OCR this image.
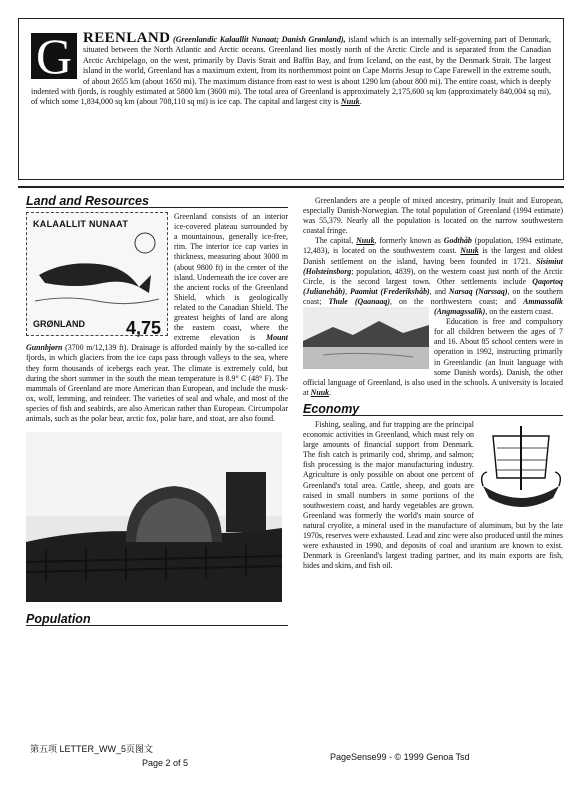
G REENLAND (Greenlandic Kalaallit Nunaat; Danish Grønland), island which is an internally self-governing part of Denmark, situated between the North Atlantic and Arctic oceans. Greenland lies mostly north of the Arctic Circle and is separated from the Canadian Arctic Archipelago, on the west, primarily by Davis Strait and Baffin Bay, and from Iceland, on the east, by the Denmark Strait. The largest island in the world, Greenland has a maximum extent, from its northernmost point on Cape Morris Jesup to Cape Farewell in the extreme south, of about 2655 km (about 1650 mi). The maximum distance from east to west is about 1290 km (about 800 mi). The entire coast, which is deeply indented with fjords, is roughly estimated at 5800 km (3600 mi). The total area of Greenland is approximately 2,175,600 sq km (approximately 840,004 sq mi), of which some 1,834,000 sq km (about 708,110 sq mi) is ice cap. The capital and largest city is Nuuk.
Land and Resources
KALAALLIT NUNAAT
GRØNLAND 4,75
Greenland consists of an interior ice-covered plateau surrounded by a mountainous, generally ice-free, rim. The interior ice cap varies in thickness, measuring about 3000 m (about 9800 ft) in the center of the island. Underneath the ice cover are the ancient rocks of the Greenland Shield, which is geologically related to the Canadian Shield. The greatest heights of land are along the eastern coast, where the extreme elevation is Mount Gunnbjørn (3700 m/12,139 ft). Drainage is afforded mainly by the so-called ice fjords, in which glaciers from the ice caps pass through valleys to the sea, where they form thousands of icebergs each year. The climate is extremely cold, but during the short summer in the south the mean temperature is 8.9° C (48° F). The mammals of Greenland are more American than European, and include the musk-ox, wolf, lemming, and reindeer. The varieties of seal and whale, and most of the species of fish and seabirds, are also American rather than European. Circumpolar animals, such as the polar bear, arctic fox, polar hare, and stoat, are also found.
Population

Greenlanders are a people of mixed ancestry, primarily Inuit and European, especially Danish-Norwegian. The total population of Greenland (1994 estimate) was 55,379. Nearly all the population is located on the narrow southwestern coastal fringe.

The capital, Nuuk, formerly known as Godthåb (population, 1994 estimate, 12,483), is located on the southwestern coast. Nuuk is the largest and oldest Danish settlement on the island, having been founded in 1721. Sisimiut (Holsteinsborg; population, 4839), on the western coast just north of the Arctic Circle, is the second largest town. Other settlements include Qaqortoq (Julianehåb), Paamiut (Frederikshåb), and Narsaq (Narssaq), on the southern coast; Thule (Qaanaaq), on the northwestern coast; and
Ammassalik (Angmagssalik), on the eastern coast.

Education is free and compulsory for all children between the ages of 7 and 16. About 85 school centers were in operation in 1992, instructing primarily in Greenlandic (an Inuit language with some Danish words). Danish, the other official language of Greenland, is also used in the schools. A university is located at Nuuk.

Economy

Fishing, sealing, and fur trapping are the principal economic activities in Greenland, which must rely on large amounts of financial support from Denmark. The fish catch is primarily cod, shrimp, and salmon; fish processing is the major manufacturing industry. Agriculture is only possible on about one percent of Greenland's total area. Cattle, sheep, and goats are raised in small numbers in some portions of the southwestern coast, and hardy vegetables are grown. Greenland was formerly the world's main source of natural cryolite, a mineral used in the manufacture of aluminum, but by the late 1970s, reserves were exhausted. Lead and zinc were also produced until the mines were exhausted in 1990, and deposits of coal and uranium are known to exist. Denmark is Greenland's largest trading partner, and its main exports are fish, hides and skins, and fish oil.

第五项 LETTER_WW_5页图文
Page 2 of 5
PageSense99 - © 1999 Genoa Tsd
